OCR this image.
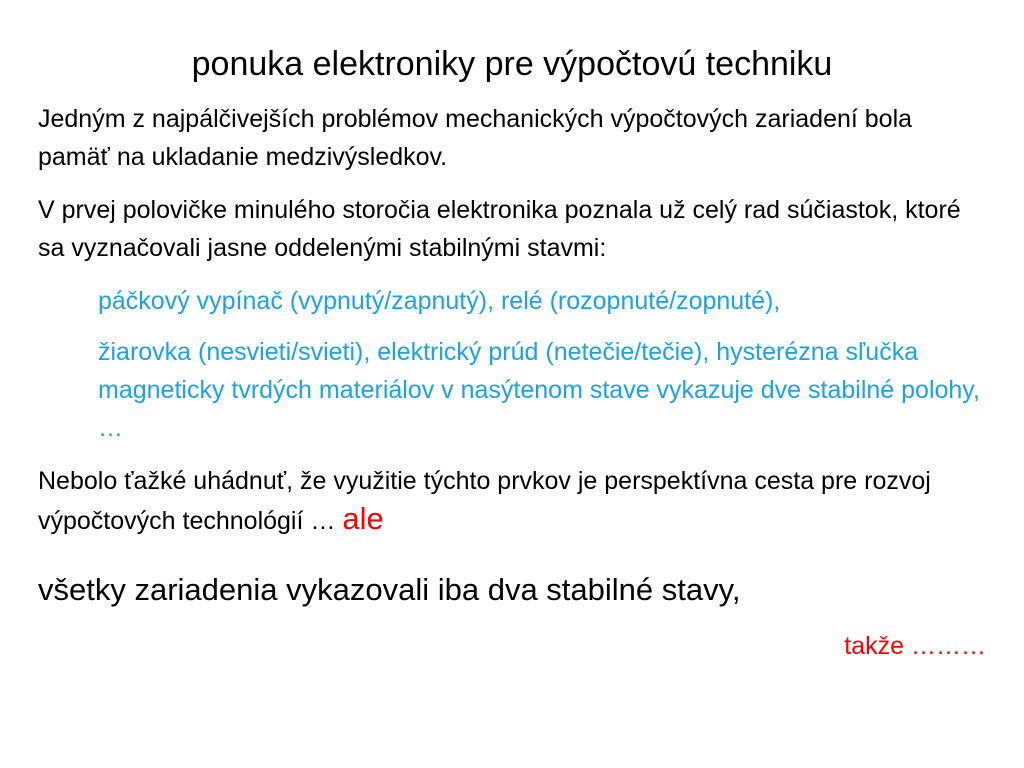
ponuka elektroniky pre výpočtovú techniku

Jedným z najpálčivejších problémov mechanických výpočtových zariadení bola pamäť na ukladanie medzivýsledkov.

V prvej polovičke minulého storočia elektronika poznala už celý rad súčiastok, ktoré sa vyznačovali jasne oddelenými stabilnými stavmi:

páčkový vypínač (vypnutý/zapnutý), relé (rozopnuté/zopnuté),

žiarovka (nesvieti/svieti), elektrický prúd (netečie/tečie), hysterézna sľučka magneticky tvrdých materiálov v nasýtenom stave vykazuje dve stabilné polohy, …

Nebolo ťažké uhádnuť, že využitie týchto prvkov je perspektívna cesta pre rozvoj výpočtových technológií … ale

všetky zariadenia vykazovali iba dva stabilné stavy,

takže ………
